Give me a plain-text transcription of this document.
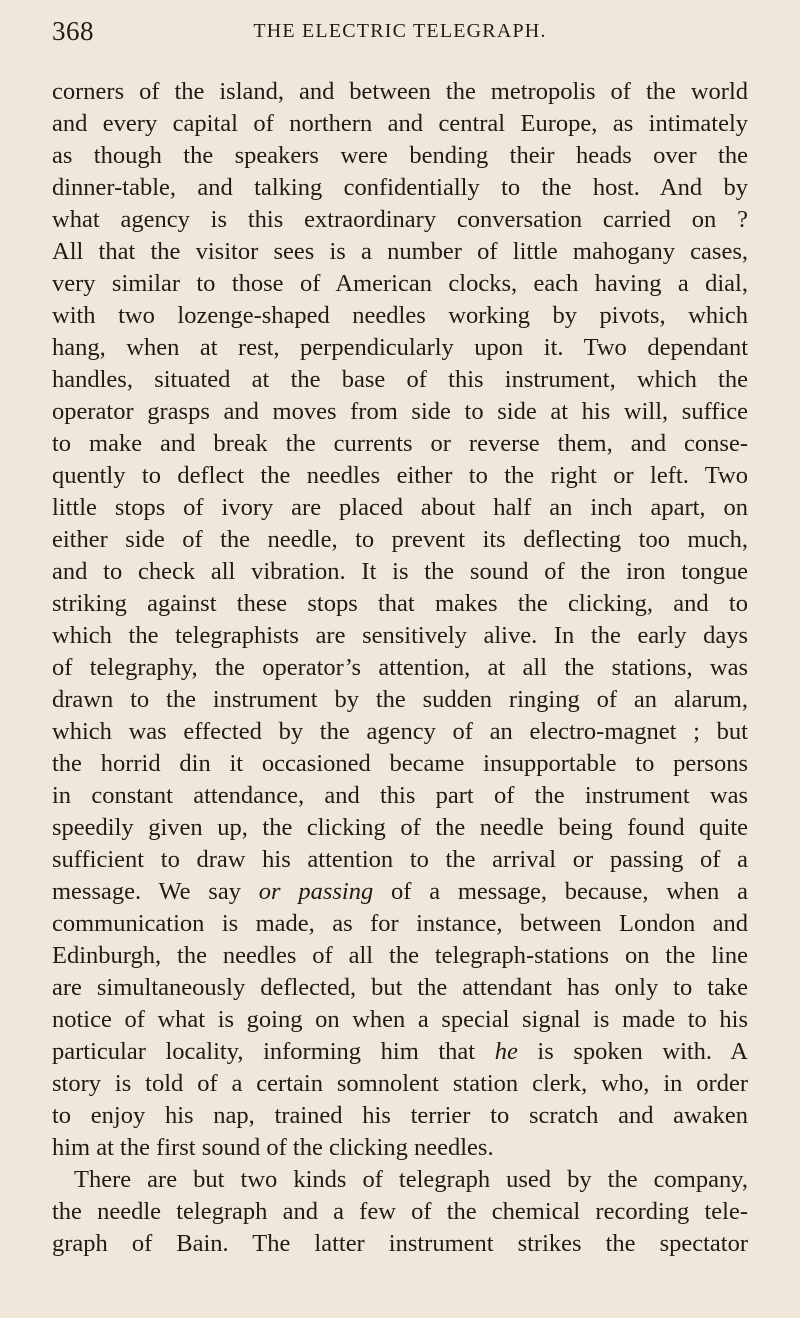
368	THE ELECTRIC TELEGRAPH.
corners of the island, and between the metropolis of the world
and every capital of northern and central Europe, as intimately
as though the speakers were bending their heads over the
dinner-table, and talking confidentially to the host. And by
what agency is this extraordinary conversation carried on ?
All that the visitor sees is a number of little mahogany cases,
very similar to those of American clocks, each having a dial,
with two lozenge-shaped needles working by pivots, which
hang, when at rest, perpendicularly upon it. Two dependant
handles, situated at the base of this instrument, which the
operator grasps and moves from side to side at his will, suffice
to make and break the currents or reverse them, and conse-
quently to deflect the needles either to the right or left. Two
little stops of ivory are placed about half an inch apart, on
either side of the needle, to prevent its deflecting too much,
and to check all vibration. It is the sound of the iron tongue
striking against these stops that makes the clicking, and to
which the telegraphists are sensitively alive. In the early days
of telegraphy, the operator’s attention, at all the stations, was
drawn to the instrument by the sudden ringing of an alarum,
which was effected by the agency of an electro-magnet ; but
the horrid din it occasioned became insupportable to persons
in constant attendance, and this part of the instrument was
speedily given up, the clicking of the needle being found quite
sufficient to draw his attention to the arrival or passing of a
message. We say or passing of a message, because, when a
communication is made, as for instance, between London and
Edinburgh, the needles of all the telegraph-stations on the line
are simultaneously deflected, but the attendant has only to take
notice of what is going on when a special signal is made to his
particular locality, informing him that he is spoken with. A
story is told of a certain somnolent station clerk, who, in order
to enjoy his nap, trained his terrier to scratch and awaken
him at the first sound of the clicking needles.
There are but two kinds of telegraph used by the company,
the needle telegraph and a few of the chemical recording tele-
graph of Bain. The latter instrument strikes the spectator
